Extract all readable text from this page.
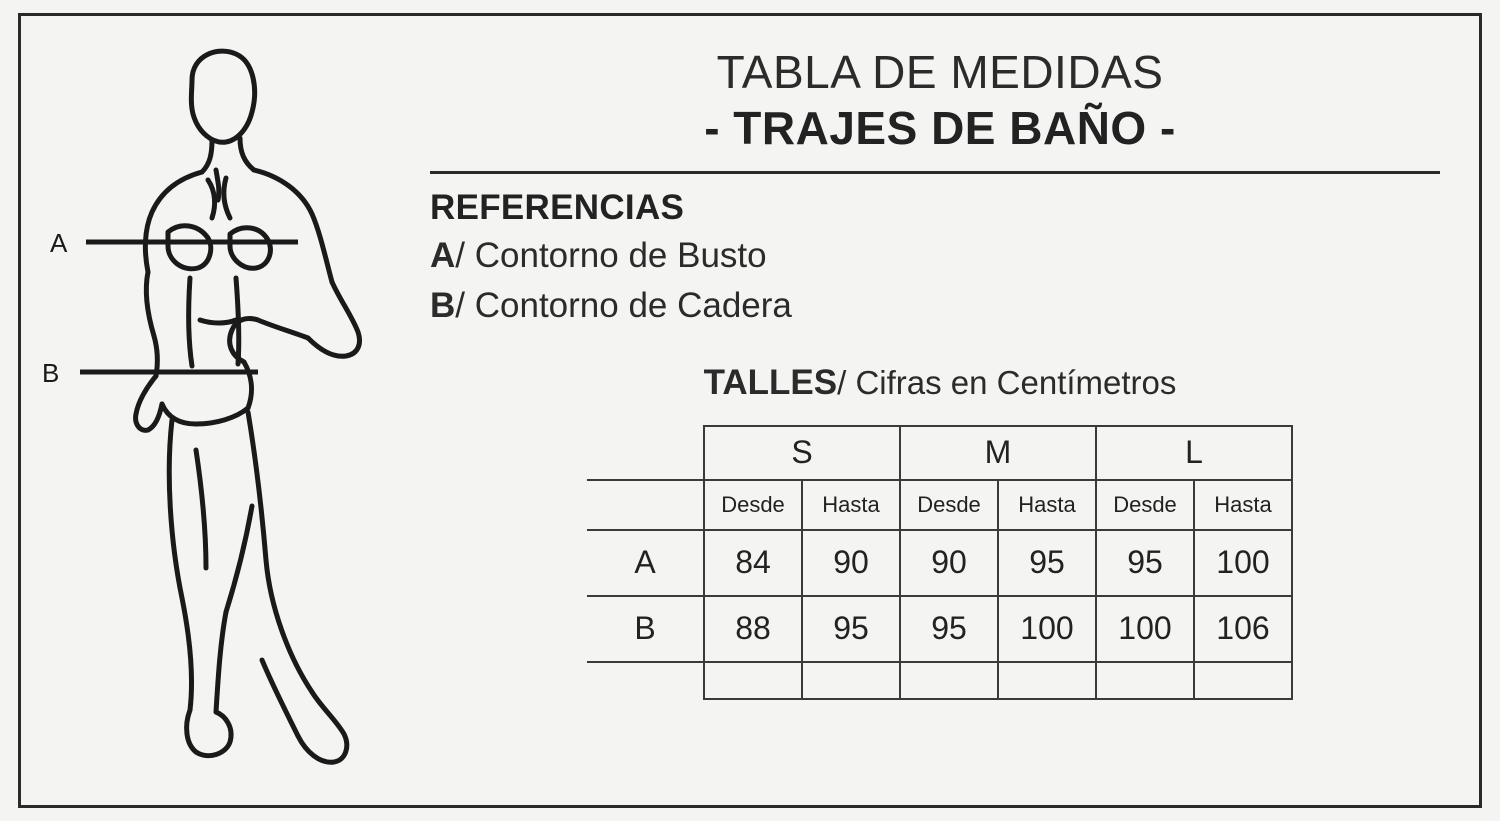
A
B
TABLA DE MEDIDAS
- TRAJES DE BAÑO -
REFERENCIAS
A/ Contorno de Busto
B/ Contorno de Cadera
TALLES/ Cifras en Centímetros
	S		M		L	
	Desde	Hasta	Desde	Hasta	Desde	Hasta
A	84	90	90	95	95	100
B	88	95	95	100	100	106
